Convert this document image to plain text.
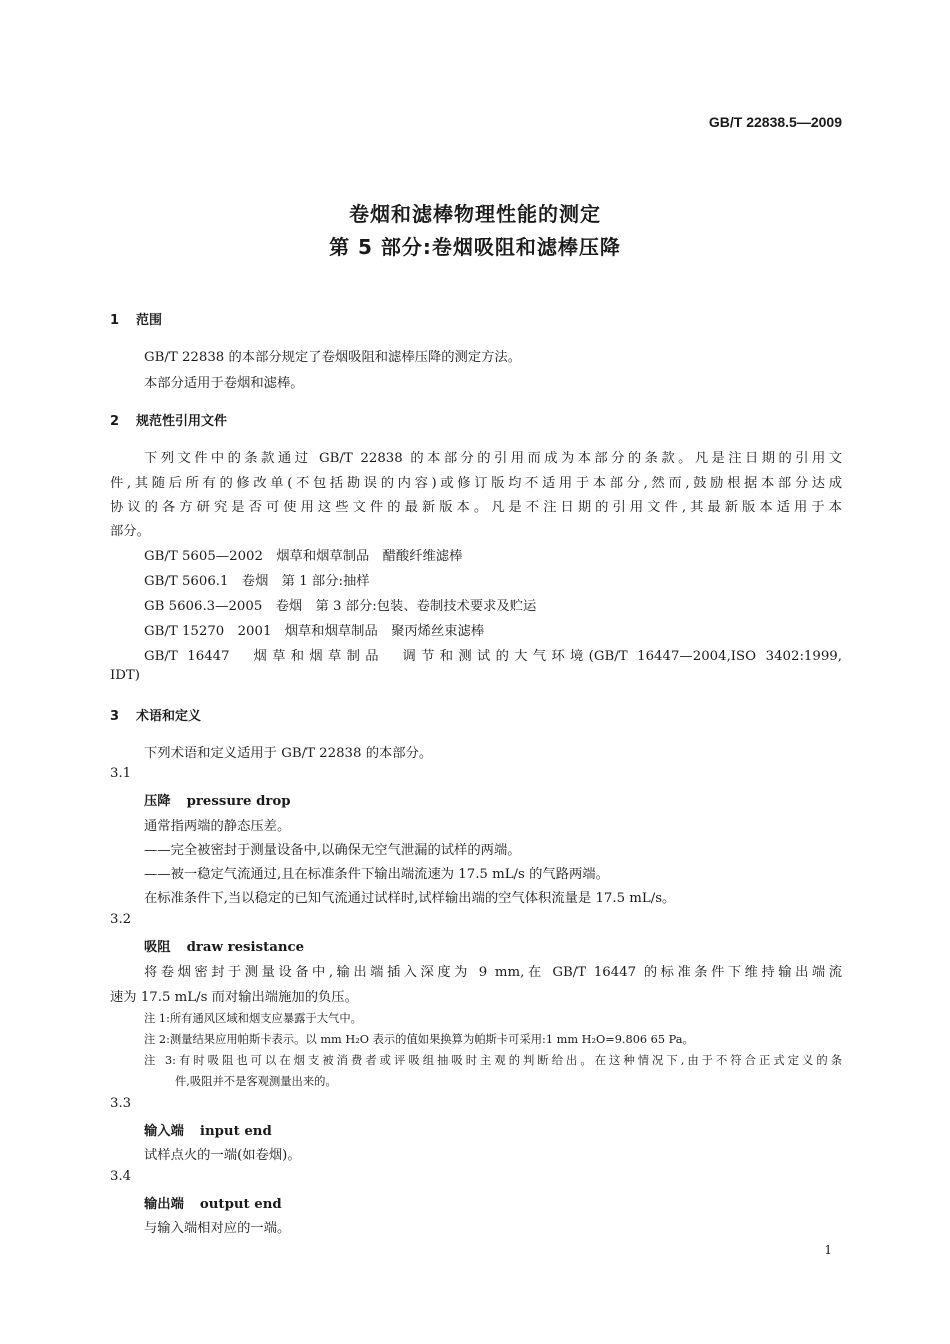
GB/T 22838.5—2009
卷烟和滤棒物理性能的测定
第 5 部分:卷烟吸阻和滤棒压降
1 范围
GB/T 22838 的本部分规定了卷烟吸阻和滤棒压降的测定方法。
本部分适用于卷烟和滤棒。
2 规范性引用文件
下列文件中的条款通过 GB/T 22838 的本部分的引用而成为本部分的条款。凡是注日期的引用文
件,其随后所有的修改单(不包括勘误的内容)或修订版均不适用于本部分,然而,鼓励根据本部分达成
协议的各方研究是否可使用这些文件的最新版本。凡是不注日期的引用文件,其最新版本适用于本
部分。
GB/T 5605—2002　烟草和烟草制品　醋酸纤维滤棒
GB/T 5606.1　卷烟　第 1 部分:抽样
GB 5606.3—2005　卷烟　第 3 部分:包装、卷制技术要求及贮运
GB/T 15270　2001　烟草和烟草制品　聚丙烯丝束滤棒
GB/T 16447　烟草和烟草制品　调节和测试的大气环境(GB/T 16447—2004,ISO 3402:1999,
IDT)
3 术语和定义
下列术语和定义适用于 GB/T 22838 的本部分。
3.1
压降 pressure drop
通常指两端的静态压差。
——完全被密封于测量设备中,以确保无空气泄漏的试样的两端。
——被一稳定气流通过,且在标准条件下输出端流速为 17.5 mL/s 的气路两端。
在标准条件下,当以稳定的已知气流通过试样时,试样输出端的空气体积流量是 17.5 mL/s。
3.2
吸阻 draw resistance
将卷烟密封于测量设备中,输出端插入深度为 9 mm,在 GB/T 16447 的标准条件下维持输出端流
速为 17.5 mL/s 而对输出端施加的负压。
注 1:所有通风区域和烟支应暴露于大气中。
注 2:测量结果应用帕斯卡表示。以 mm H₂O 表示的值如果换算为帕斯卡可采用:1 mm H₂O=9.806 65 Pa。
注 3:有时吸阻也可以在烟支被消费者或评吸组抽吸时主观的判断给出。在这种情况下,由于不符合正式定义的条
件,吸阻并不是客观测量出来的。
3.3
输入端 input end
试样点火的一端(如卷烟)。
3.4
输出端 output end
与输入端相对应的一端。
1
